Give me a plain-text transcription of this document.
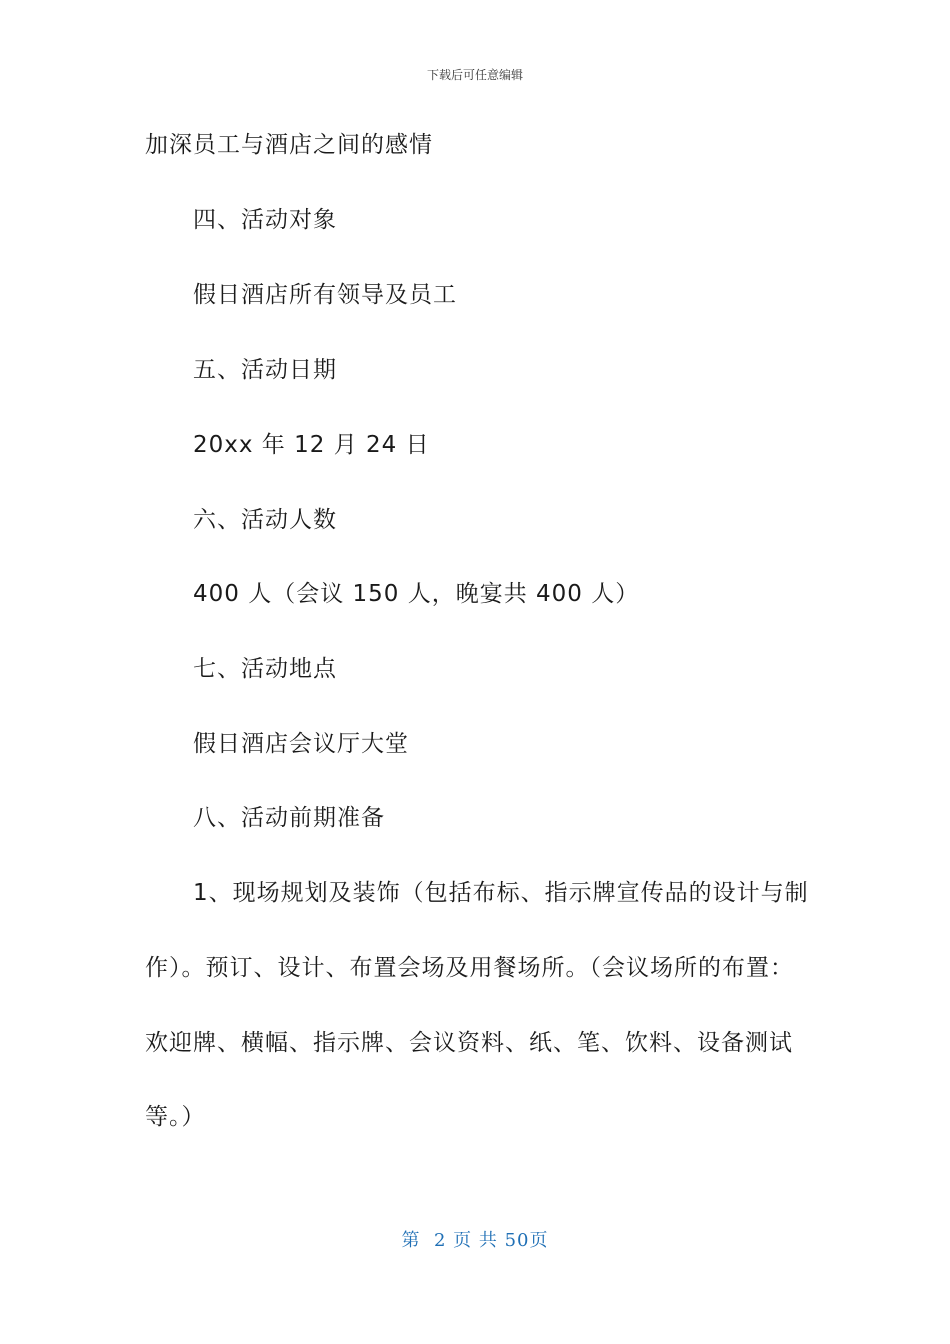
下载后可任意编辑
加深员工与酒店之间的感情
四、活动对象
假日酒店所有领导及员工
五、活动日期
20xx 年 12 月 24 日
六、活动人数
400 人（会议 150 人，晚宴共 400 人）
七、活动地点
假日酒店会议厅大堂
八、活动前期准备
1、现场规划及装饰（包括布标、指示牌宣传品的设计与制
作）。预订、设计、布置会场及用餐场所。（会议场所的布置：
欢迎牌、横幅、指示牌、会议资料、纸、笔、饮料、设备测试
等。）
第  2 页 共 50页
